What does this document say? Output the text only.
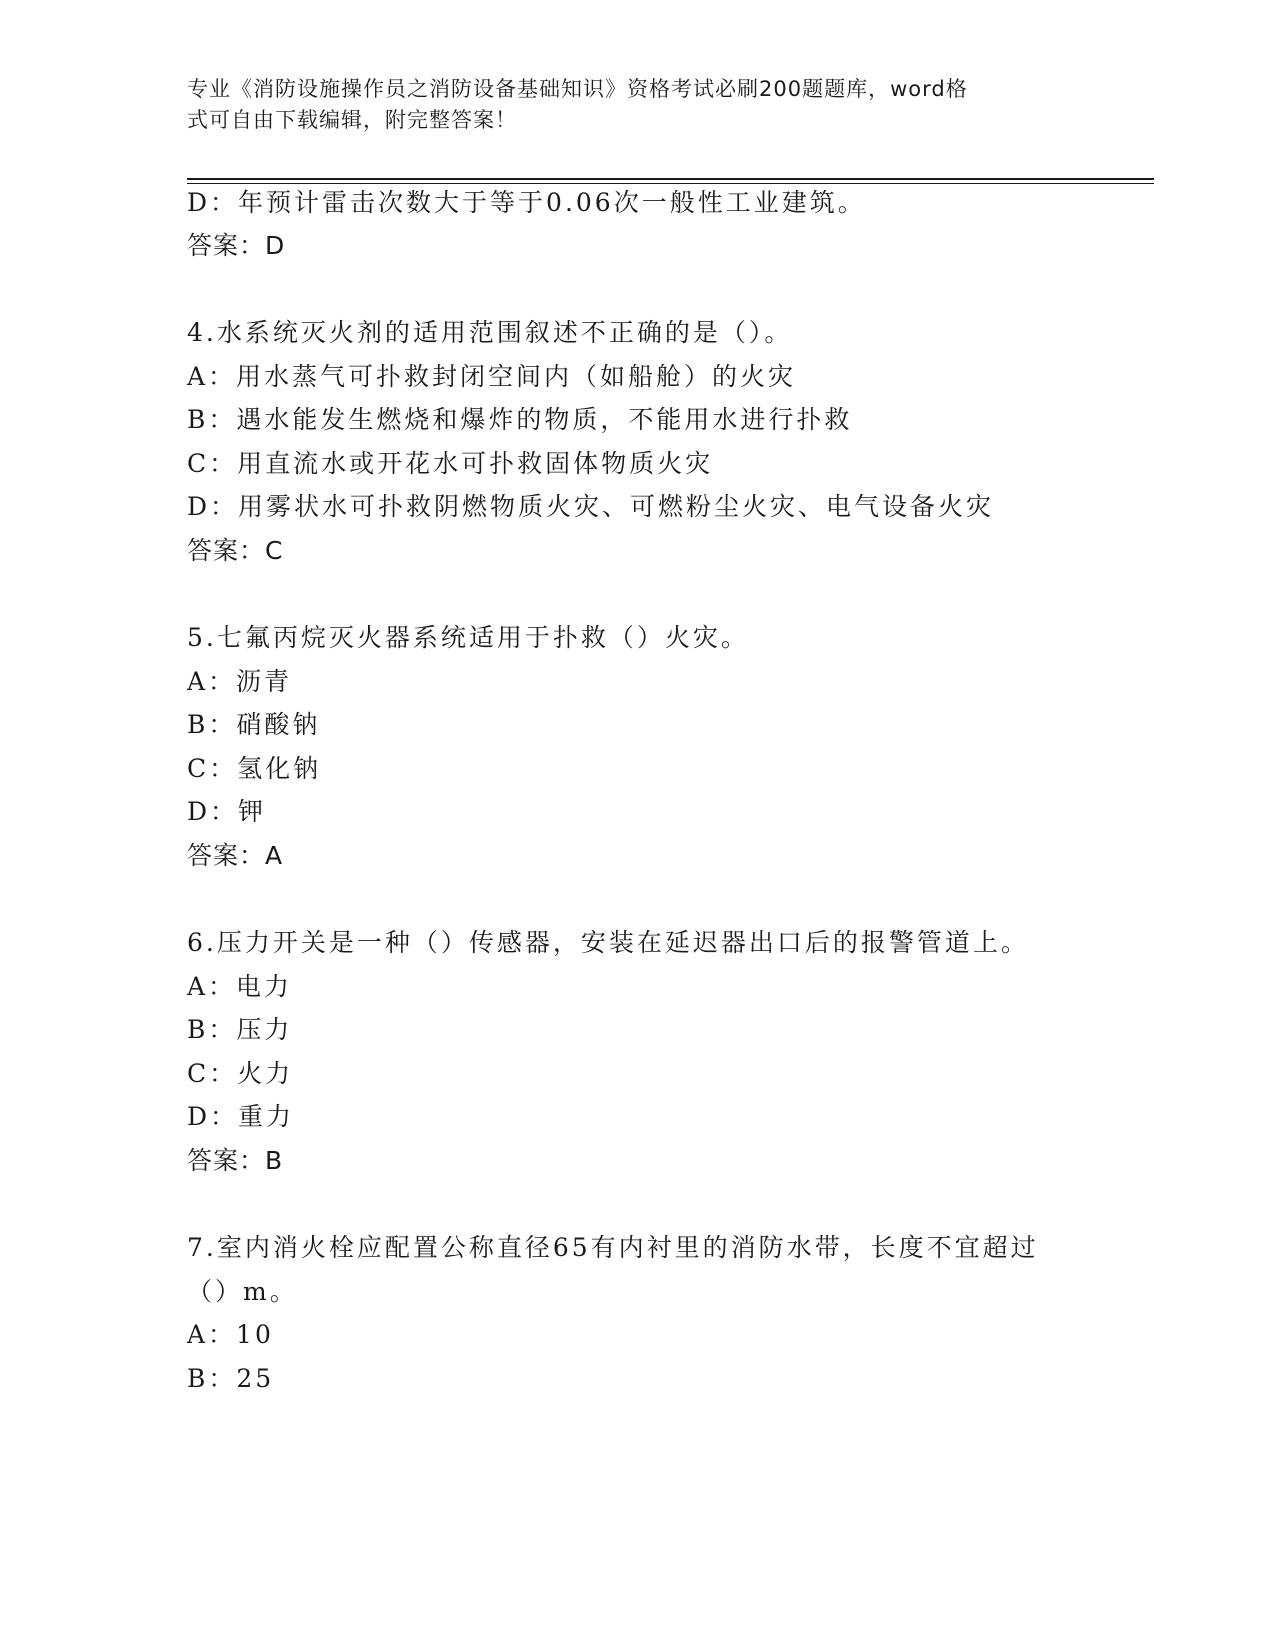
专业《消防设施操作员之消防设备基础知识》资格考试必刷200题题库，word格
式可自由下载编辑，附完整答案！
D：年预计雷击次数大于等于0.06次一般性工业建筑。
答案：D
4.水系统灭火剂的适用范围叙述不正确的是（）。
A：用水蒸气可扑救封闭空间内（如船舱）的火灾
B：遇水能发生燃烧和爆炸的物质，不能用水进行扑救
C：用直流水或开花水可扑救固体物质火灾
D：用雾状水可扑救阴燃物质火灾、可燃粉尘火灾、电气设备火灾
答案：C
5.七氟丙烷灭火器系统适用于扑救（）火灾。
A：沥青
B：硝酸钠
C：氢化钠
D：钾
答案：A
6.压力开关是一种（）传感器，安装在延迟器出口后的报警管道上。
A：电力
B：压力
C：火力
D：重力
答案：B
7.室内消火栓应配置公称直径65有内衬里的消防水带，长度不宜超过
（）m。
A：10
B：25
